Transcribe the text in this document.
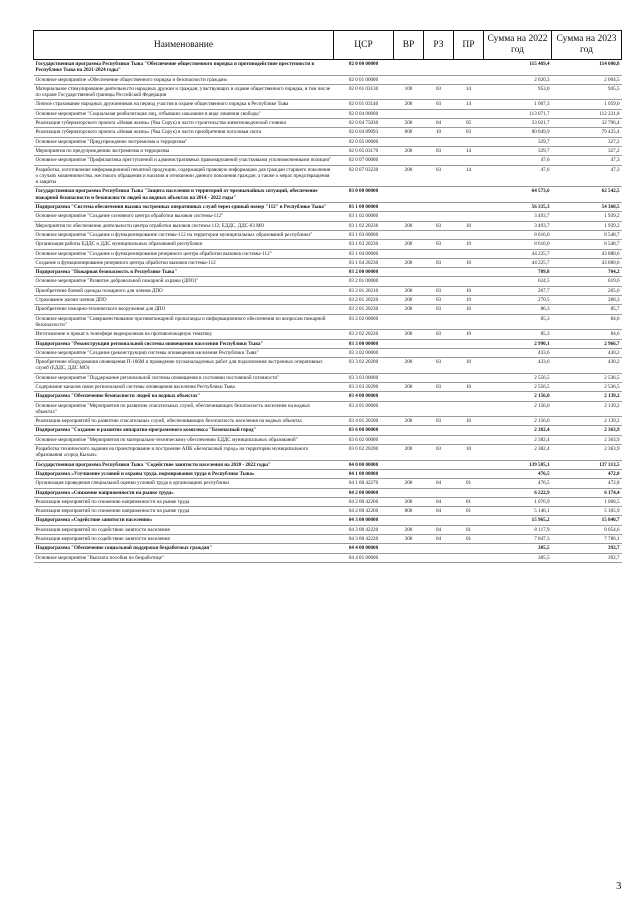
Наименование	ЦСР	ВР	РЗ	ПР	Сумма на 2022 год	Сумма на 2023 год
Государственная программа Республики Тыва "Обеспечение общественного порядка и противодействие преступности в Республике Тыва на 2021-2024 годы"	02 0 00 00000				115 469,4	114 600,8
Основное мероприятие «Обеспечение общественного порядка и безопасности граждан»	02 0 01 00000				2 020,3	2 004,5
Материальное стимулирование деятельности народных дружин и граждан, участвующих в охране общественного порядка, в том числе по охране Государственной границы Российской Федерации	02 0 01 03130	100	03	14	953,0	945,5
Личное страхование народных дружинников на период участия в охране общественного порядка в Республике Тыва	02 0 01 03140	200	03	14	1 067,3	1 059,0
Основное мероприятие "Социальная реабилитация лиц, отбывших наказание в виде лишения свободы"	02 0 04 00000				113 071,7	112 221,8
Реализация губернаторского проекта «Новая жизнь» (Чаа Сорук) в части строительства животноводческой стоянки	02 0 04 75030	500	04	05	33 021,7	32 796,4
Реализация губернаторского проекта «Новая жизнь» (Чаа Сорук) в части приобретения поголовья скота	02 0 04 89093	600	10	03	80 049,9	79 425,4
Основное мероприятие "Предупреждение экстремизма и терроризма"	02 0 05 00000				329,7	327,2
Мероприятия по предупреждению экстремизма и терроризма	02 0 05 03170	200	03	14	329,7	327,2
Основное мероприятие "Профилактика преступлений и административных правонарушений участковыми уполномоченными полиции"	02 0 07 00000				47,6	47,3
Разработка, изготовление информационной печатной продукции, содержащей правовую информацию для граждан старшего поколения о случаях мошенничества, жестокого обращения и насилия в отношении данного поколения граждан, а также о мерах предотвращения и защиты	02 0 07 03230	200	03	14	47,6	47,3
Государственная программа Республики Тыва "Защита населения и территорий от чрезвычайных ситуаций, обеспечение пожарной безопасности и безопасности людей на водных объектах на 2014 - 2022 годы"	03 0 00 00000				64 573,6	62 542,5
Подпрограмма "Система обеспечения вызова экстренных оперативных служб через единый номер "112" в Республике Тыва"	03 1 00 00000				56 335,3	54 368,5
Основное мероприятие "Создание основного центра обработки вызовов системы-112"	03 1 02 00000				3 493,7	1 939,2
Мероприятия по обеспечению деятельности центра отработки вызовов системы-112; ЕДДС, ДДС-03 МО	03 1 02 20236	200	03	10	3 493,7	1 939,2
Основное мероприятие "Создание и функционирование системы-112 на территории муниципальных образований республики"	03 1 03 00000				8 616,0	8 548,7
Организация работы ЕДДС и ДДС муниципальных образований республики	03 1 03 20230	200	03	10	8 616,0	8 548,7
Основное мероприятие "Создание и функционирование резервного центра обработки вызовов системы-112"	03 1 04 00000				44 225,7	43 880,6
Создание и функционирование резервного центра обработки вызовов системы-112	03 1 04 20230	200	03	10	44 225,7	43 880,6
Подпрограмма "Пожарная безопасность в Республике Тыва"	03 2 00 00000				709,8	704,2
Основное мероприятие "Развитие добровольной пожарной охраны (ДПО)"	03 2 01 00000				624,5	619,6
Приобретение боевой одежды пожарного для членов ДПО	03 2 01 20210	200	03	10	267,7	265,6
Страхование жизни членов ДПО	03 2 01 20220	200	03	10	270,5	268,3
Приобретение пожарно-технического вооружения для ДПО	03 2 01 20230	200	03	10	86,3	85,7
Основное мероприятие "Совершенствование противопожарной пропаганды и информационного обеспечения по вопросам пожарной безопасности"	03 2 02 00000				85,3	84,6
Изготовление и прокат в телеэфире видеороликов на противопожарную тематику	03 2 02 20220	200	03	10	85,3	84,6
Подпрограмма "Реконструкция региональной системы оповещения населения Республики Тыва"	03 3 00 00000				2 990,1	2 966,7
Основное мероприятие "Создание (реконструкция) системы оповещения населения Республики Тыва"	03 3 02 00000				433,6	430,2
Приобретение оборудования оповещения П-166М и проведение пусконаладочных работ для подключения экстренных оперативных служб (ЕДДС, ДДС МО)	03 3 02 20200	200	03	10	433,6	430,2
Основное мероприятие "Поддержание региональной системы оповещения в состоянии постоянной готовности"	03 3 03 00000				2 556,5	2 536,5
Содержание каналов связи региональной системы оповещения населения Республики Тыва	03 3 03 20290	200	03	10	2 556,5	2 536,5
Подпрограмма "Обеспечение безопасности людей на водных объектах"	03 4 00 00000				2 156,0	2 139,2
Основное мероприятие "Мероприятия по развитию спасательных служб, обеспечивающих безопасность населения на водных объектах"	03 4 01 00000				2 156,0	2 139,2
Реализация мероприятий по развитию спасательных служб, обеспечивающих безопасность населения на водных объектах	03 4 01 20200	200	03	10	2 156,0	2 139,2
Подпрограмма "Создание и развитие аппаратно-программного комплекса "Безопасный город"	03 6 00 00000				2 382,4	2 363,9
Основное мероприятие "Мероприятия по материально-техническому обеспечению ЕДДС муниципальных образований"	03 6 02 00000				2 382,4	2 363,9
Разработка технического задания на проектирование и построение АПК «Безопасный город» на территории муниципального образования «город Кызыл»	03 6 02 20200	200	03	10	2 382,4	2 363,9
Государственная программа Республики Тыва "Содействие занятости населения на 2020 - 2022 годы"	04 0 00 00000				139 585,1	137 313,5
Подпрограмма «Улучшение условий и охраны труда, нормирования труда в Республике Тыва»	04 1 00 00000				476,5	472,8
Организация проведения специальной оценки условий труда в организациях республики	04 1 00 42270	200	04	01	476,5	472,8
Подпрограмма «Снижение напряженности на рынке труда»	04 2 00 00000				6 222,9	6 174,4
Реализация мероприятий по снижению напряженности на рынке труда	04 2 00 42260	200	04	01	1 076,9	1 068,5
Реализация мероприятий по снижению напряженности на рынке труда	04 2 00 42260	800	04	01	5 146,1	5 105,9
Подпрограмма «Содействие занятости населения»	04 3 00 00000				15 965,2	15 840,7
Реализация мероприятий по содействию занятости населения	04 3 00 42220	200	04	01	8 117,9	8 054,6
Реализация мероприятий по содействию занятости населения	04 3 00 42220	300	04	01	7 847,3	7 786,1
Подпрограмма "Обеспечение социальной поддержки безработных граждан"	04 4 00 00000				385,5	392,7
Основное мероприятие "Выплата пособия по безработице"	04 4 01 00000				385,5	392,7
3
